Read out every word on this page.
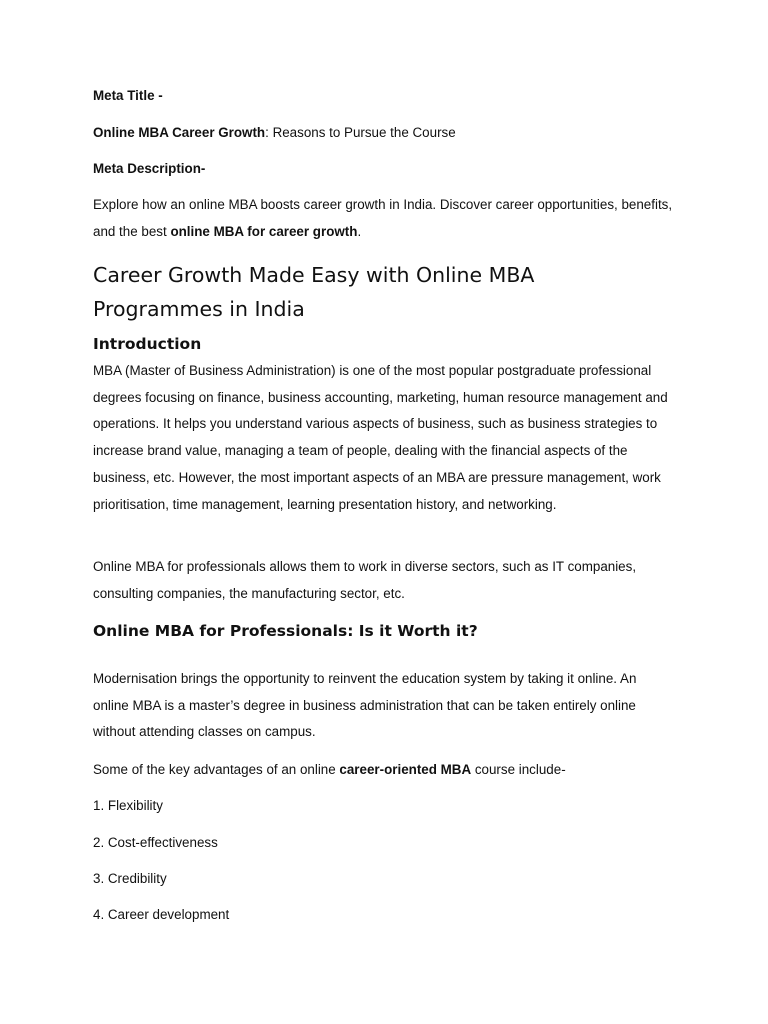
Meta Title -
Online MBA Career Growth: Reasons to Pursue the Course
Meta Description-
Explore how an online MBA boosts career growth in India. Discover career opportunities, benefits, and the best online MBA for career growth.
Career Growth Made Easy with Online MBA Programmes in India
Introduction
MBA (Master of Business Administration) is one of the most popular postgraduate professional degrees focusing on finance, business accounting, marketing, human resource management and operations. It helps you understand various aspects of business, such as business strategies to increase brand value, managing a team of people, dealing with the financial aspects of the business, etc. However, the most important aspects of an MBA are pressure management, work prioritisation, time management, learning presentation history, and networking.
Online MBA for professionals allows them to work in diverse sectors, such as IT companies, consulting companies, the manufacturing sector, etc.
Online MBA for Professionals: Is it Worth it?
Modernisation brings the opportunity to reinvent the education system by taking it online. An online MBA is a master’s degree in business administration that can be taken entirely online without attending classes on campus.
Some of the key advantages of an online career-oriented MBA course include-
1. Flexibility
2. Cost-effectiveness
3. Credibility
4. Career development
